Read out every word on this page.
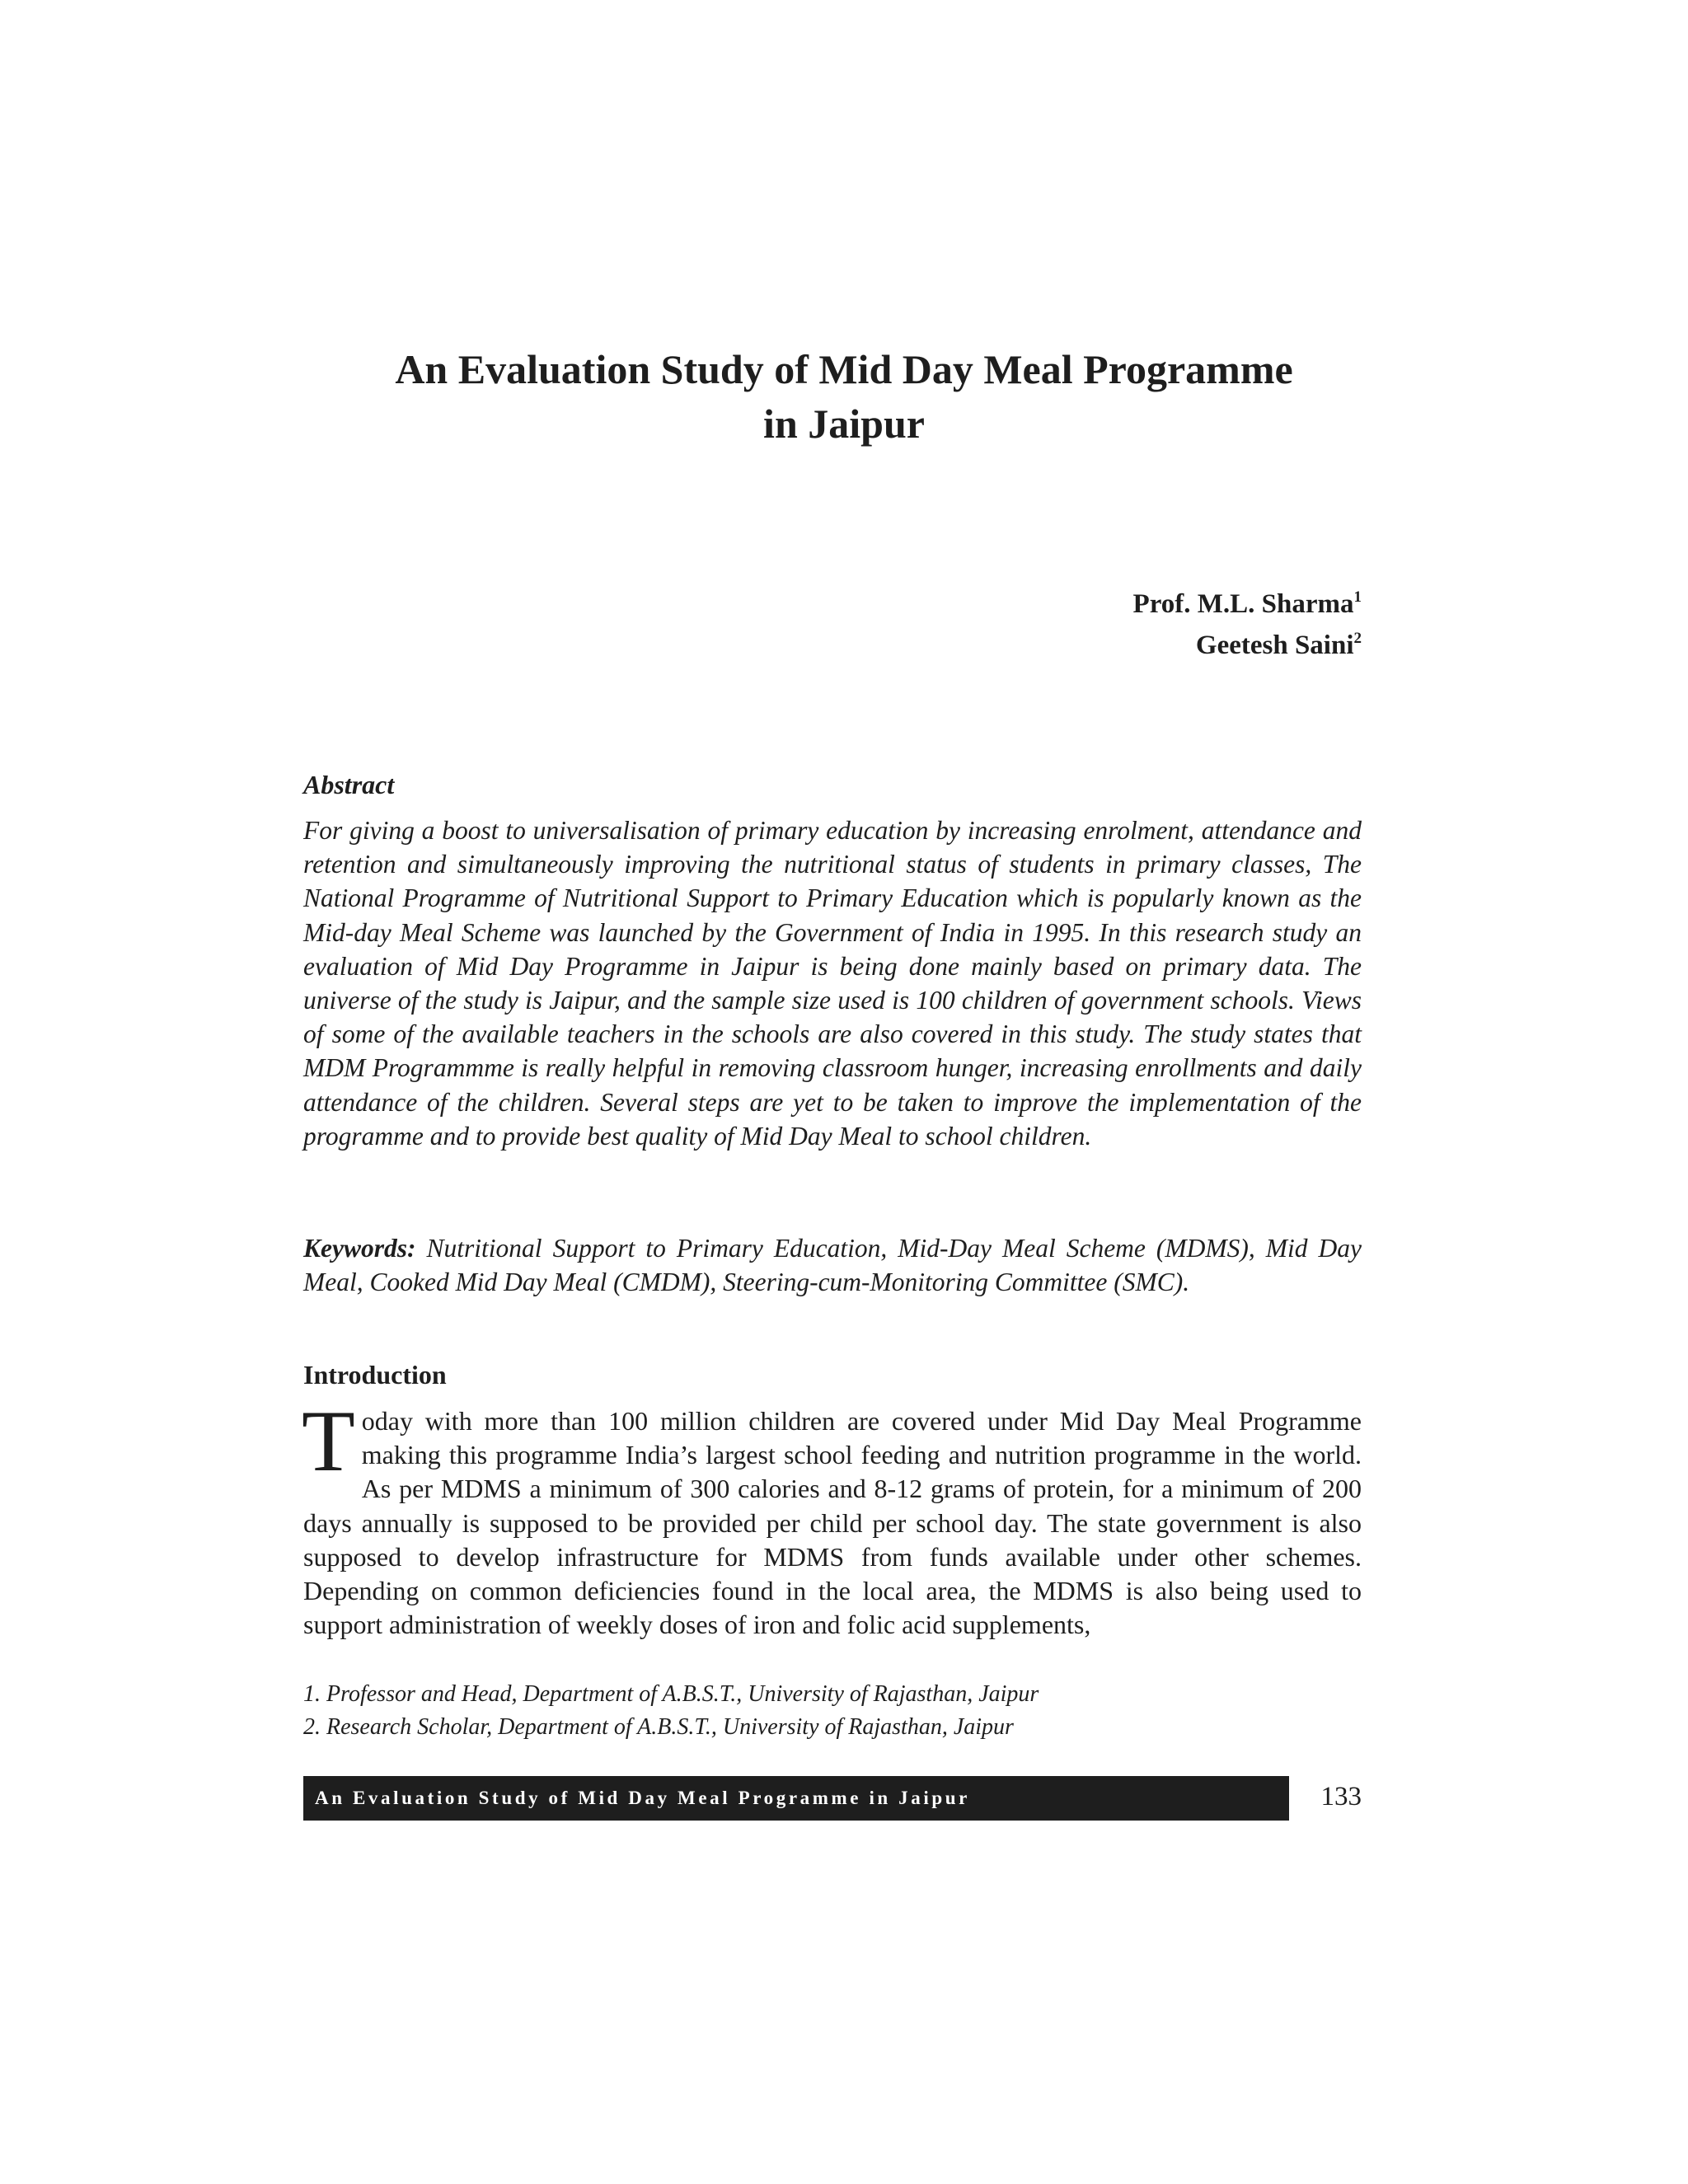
An Evaluation Study of Mid Day Meal Programme
in Jaipur
Prof. M.L. Sharma$^1$
Geetesh Saini$^2$
Abstract

For giving a boost to universalisation of primary education by increasing enrolment, attendance and retention and simultaneously improving the nutritional status of students in primary classes, The National Programme of Nutritional Support to Primary Education which is popularly known as the Mid-day Meal Scheme was launched by the Government of India in 1995. In this research study an evaluation of Mid Day Programme in Jaipur is being done mainly based on primary data. The universe of the study is Jaipur, and the sample size used is 100 children of government schools. Views of some of the available teachers in the schools are also covered in this study. The study states that MDM Programmme is really helpful in removing classroom hunger, increasing enrollments and daily attendance of the children. Several steps are yet to be taken to improve the implementation of the programme and to provide best quality of Mid Day Meal to school children.

Keywords: Nutritional Support to Primary Education, Mid-Day Meal Scheme (MDMS), Mid Day Meal, Cooked Mid Day Meal (CMDM), Steering-cum-Monitoring Committee (SMC).

Introduction

Today with more than 100 million children are covered under Mid Day Meal Programme making this programme India’s largest school feeding and nutrition programme in the world. As per MDMS a minimum of 300 calories and 8-12 grams of protein, for a minimum of 200 days annually is supposed to be provided per child per school day. The state government is also supposed to develop infrastructure for MDMS from funds available under other schemes. Depending on common deficiencies found in the local area, the MDMS is also being used to support administration of weekly doses of iron and folic acid supplements,

1. Professor and Head, Department of A.B.S.T., University of Rajasthan, Jaipur
2. Research Scholar, Department of A.B.S.T., University of Rajasthan, Jaipur
An Evaluation Study of Mid Day Meal Programme in Jaipur	133
